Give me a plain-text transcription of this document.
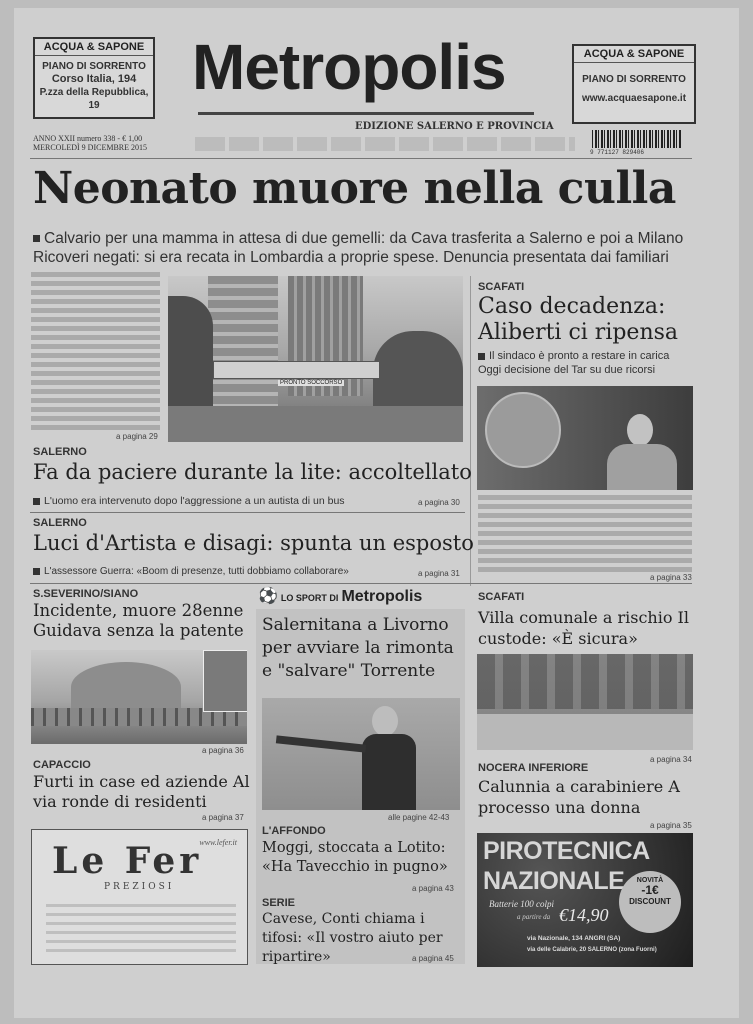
ACQUA & SAPONE
PIANO DI SORRENTO
Corso Italia, 194
P.zza della Repubblica, 19
Metropolis
EDIZIONE SALERNO E PROVINCIA
ACQUA & SAPONE
PIANO DI SORRENTO
www.acquaesapone.it
ANNO XXII numero 338 - € 1,00
MERCOLEDÌ 9 DICEMBRE 2015
9 771127 829406
Neonato muore nella culla
Calvario per una mamma in attesa di due gemelli: da Cava trasferita a Salerno e poi a Milano Ricoveri negati: si era recata in Lombardia a proprie spese. Denuncia presentata dai familiari
a pagina 29
PRONTO SOCCORSO
SCAFATI
Caso decadenza: Aliberti ci ripensa
Il sindaco è pronto a restare in carica Oggi decisione del Tar su due ricorsi
a pagina 33
SALERNO
Fa da paciere durante la lite: accoltellato
L'uomo era intervenuto dopo l'aggressione a un autista di un bus	a pagina 30
SALERNO
Luci d'Artista e disagi: spunta un esposto
L'assessore Guerra: «Boom di presenze, tutti dobbiamo collaborare»	a pagina 31
S.SEVERINO/SIANO
Incidente, muore 28enne Guidava senza la patente
a pagina 36
CAPACCIO
Furti in case ed aziende Al via ronde di residenti
a pagina 37
www.lefer.it
Le Fer
PREZIOSI
⚽ LO SPORT DI Metropolis
Salernitana a Livorno per avviare la rimonta e "salvare" Torrente
alle pagine 42-43
L'AFFONDO
Moggi, stoccata a Lotito: «Ha Tavecchio in pugno»
a pagina 43
SERIE
Cavese, Conti chiama i tifosi: «Il vostro aiuto per ripartire»	a pagina 45
SCAFATI
Villa comunale a rischio Il custode: «È sicura»
a pagina 34
NOCERA INFERIORE
Calunnia a carabiniere A processo una donna
a pagina 35
PIROTECNICA
NAZIONALE	NOVITÀ
-1€
DISCOUNT
Batterie 100 colpi
a partire da €14,90
via Nazionale, 134 ANGRI (SA)
via delle Calabrie, 20 SALERNO (zona Fuorni)
